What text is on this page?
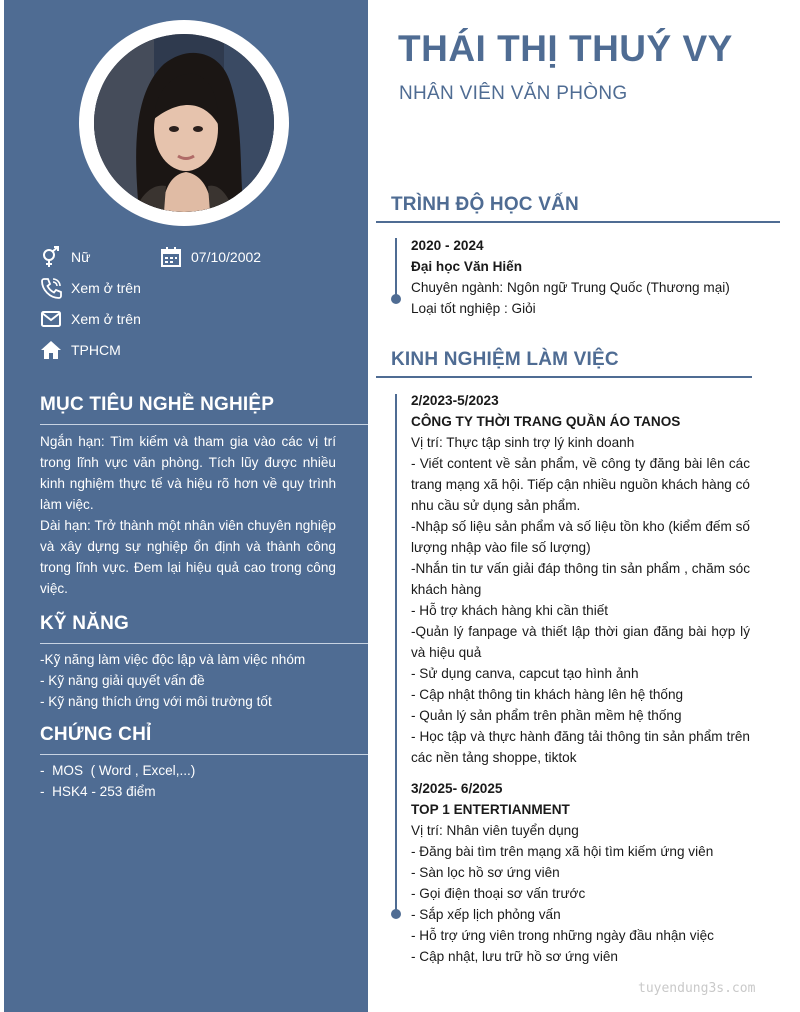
Nữ	07/10/2002
Xem ở trên
Xem ở trên
TPHCM
MỤC TIÊU NGHỀ NGHIỆP

Ngắn hạn: Tìm kiếm và tham gia vào các vị trí trong lĩnh vực văn phòng. Tích lũy được nhiều kinh nghiệm thực tế và hiệu rõ hơn về quy trình làm việc.

Dài hạn: Trở thành một nhân viên chuyên nghiệp và xây dựng sự nghiệp ổn định và thành công trong lĩnh vực. Đem lại hiệu quả cao trong công việc.

KỸ NĂNG
-Kỹ năng làm việc độc lập và làm việc nhóm
- Kỹ năng giải quyết vấn đề
- Kỹ năng thích ứng với môi trường tốt
CHỨNG CHỈ
-  MOS  ( Word , Excel,...)
-  HSK4 - 253 điểm
THÁI THỊ THUÝ VY
NHÂN VIÊN VĂN PHÒNG
TRÌNH ĐỘ HỌC VẤN
2020 - 2024
Đại học Văn Hiến
Chuyên ngành: Ngôn ngữ Trung Quốc (Thương mại)
Loại tốt nghiệp : Giỏi
KINH NGHIỆM LÀM VIỆC
2/2023-5/2023
CÔNG TY THỜI TRANG QUẦN ÁO TANOS

Vị trí: Thực tập sinh trợ lý kinh doanh

- Viết content về sản phẩm, về công ty đăng bài lên các trang mạng xã hội. Tiếp cận nhiều nguồn khách hàng có nhu cầu sử dụng sản phẩm.

-Nhập số liệu sản phẩm và số liệu tồn kho (kiểm đếm số lượng nhập vào file số lượng)

-Nhắn tin tư vấn giải đáp thông tin sản phẩm , chăm sóc khách hàng

- Hỗ trợ khách hàng khi cần thiết

-Quản lý fanpage và thiết lập thời gian đăng bài hợp lý và hiệu quả

- Sử dụng canva, capcut tạo hình ảnh

- Cập nhật thông tin khách hàng lên hệ thống

- Quản lý sản phẩm trên phần mềm hệ thống

- Học tập và thực hành đăng tải thông tin sản phẩm trên các nền tảng shoppe, tiktok

3/2025- 6/2025
TOP 1 ENTERTIANMENT

Vị trí: Nhân viên tuyển dụng

- Đăng bài tìm trên mạng xã hội tìm kiếm ứng viên

- Sàn lọc hồ sơ ứng viên

- Gọi điện thoại sơ vấn trước

- Sắp xếp lịch phỏng vấn

- Hỗ trợ ứng viên trong những ngày đầu nhận việc

- Cập nhật, lưu trữ hồ sơ ứng viên

tuyendung3s.com
